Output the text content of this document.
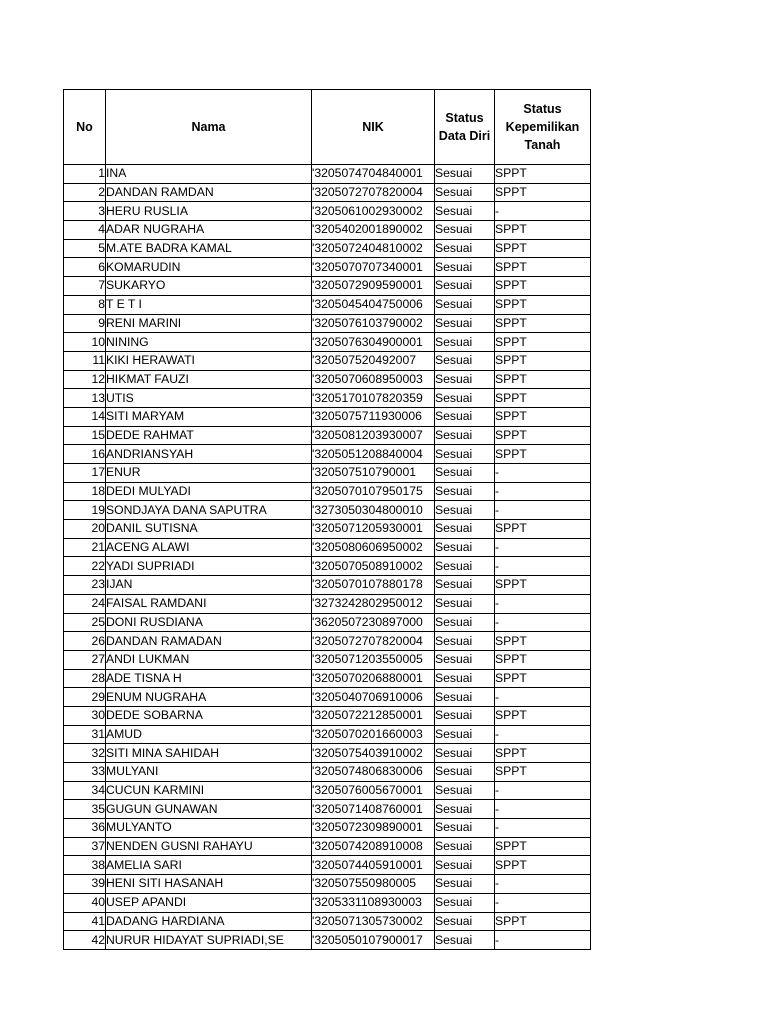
No	Nama	NIK	Status Data Diri	Status Kepemilikan Tanah
1	INA	'3205074704840001	Sesuai	SPPT
2	DANDAN RAMDAN	'3205072707820004	Sesuai	SPPT
3	HERU RUSLIA	'3205061002930002	Sesuai	-
4	ADAR NUGRAHA	'3205402001890002	Sesuai	SPPT
5	M.ATE BADRA KAMAL	'3205072404810002	Sesuai	SPPT
6	KOMARUDIN	'3205070707340001	Sesuai	SPPT
7	SUKARYO	'3205072909590001	Sesuai	SPPT
8	T E T I	'3205045404750006	Sesuai	SPPT
9	RENI MARINI	'3205076103790002	Sesuai	SPPT
10	NINING	'3205076304900001	Sesuai	SPPT
11	KIKI HERAWATI	'320507520492007	Sesuai	SPPT
12	HIKMAT FAUZI	'3205070608950003	Sesuai	SPPT
13	UTIS	'3205170107820359	Sesuai	SPPT
14	SITI MARYAM	'3205075711930006	Sesuai	SPPT
15	DEDE RAHMAT	'3205081203930007	Sesuai	SPPT
16	ANDRIANSYAH	'3205051208840004	Sesuai	SPPT
17	ENUR	'320507510790001	Sesuai	-
18	DEDI MULYADI	'3205070107950175	Sesuai	-
19	SONDJAYA DANA SAPUTRA	'3273050304800010	Sesuai	-
20	DANIL SUTISNA	'3205071205930001	Sesuai	SPPT
21	ACENG ALAWI	'3205080606950002	Sesuai	-
22	YADI SUPRIADI	'3205070508910002	Sesuai	-
23	IJAN	'3205070107880178	Sesuai	SPPT
24	FAISAL RAMDANI	'3273242802950012	Sesuai	-
25	DONI RUSDIANA	'3620507230897000	Sesuai	-
26	DANDAN RAMADAN	'3205072707820004	Sesuai	SPPT
27	ANDI LUKMAN	'3205071203550005	Sesuai	SPPT
28	ADE TISNA H	'3205070206880001	Sesuai	SPPT
29	ENUM NUGRAHA	'3205040706910006	Sesuai	-
30	DEDE SOBARNA	'3205072212850001	Sesuai	SPPT
31	AMUD	'3205070201660003	Sesuai	-
32	SITI MINA SAHIDAH	'3205075403910002	Sesuai	SPPT
33	MULYANI	'3205074806830006	Sesuai	SPPT
34	CUCUN KARMINI	'3205076005670001	Sesuai	-
35	GUGUN GUNAWAN	'3205071408760001	Sesuai	-
36	MULYANTO	'3205072309890001	Sesuai	-
37	NENDEN GUSNI RAHAYU	'3205074208910008	Sesuai	SPPT
38	AMELIA SARI	'3205074405910001	Sesuai	SPPT
39	HENI SITI HASANAH	'320507550980005	Sesuai	-
40	USEP APANDI	'3205331108930003	Sesuai	-
41	DADANG HARDIANA	'3205071305730002	Sesuai	SPPT
42	NURUR HIDAYAT SUPRIADI,SE	'3205050107900017	Sesuai	-
